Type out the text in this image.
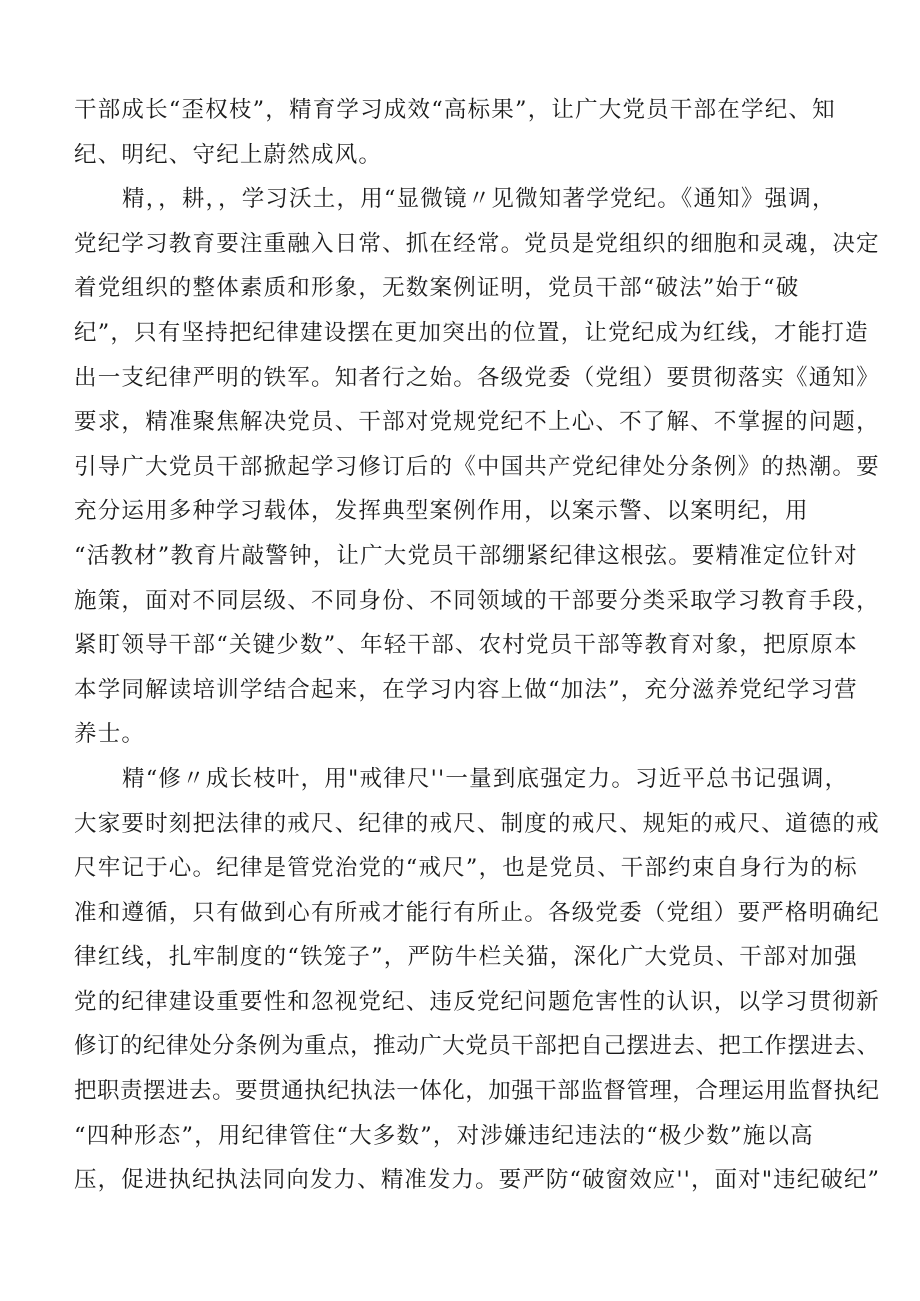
干部成长“歪权枝”，精育学习成效“高标果”，让广大党员干部在学纪、知
纪、明纪、守纪上蔚然成风。
精，，耕，，学习沃土，用“显微镜〃见微知著学党纪。《通知》强调，
党纪学习教育要注重融入日常、抓在经常。党员是党组织的细胞和灵魂，决定
着党组织的整体素质和形象，无数案例证明，党员干部“破法”始于“破
纪”，只有坚持把纪律建设摆在更加突出的位置，让党纪成为红线，才能打造
出一支纪律严明的铁军。知者行之始。各级党委（党组）要贯彻落实《通知》
要求，精准聚焦解决党员、干部对党规党纪不上心、不了解、不掌握的问题，
引导广大党员干部掀起学习修订后的《中国共产党纪律处分条例》的热潮。要
充分运用多种学习载体，发挥典型案例作用，以案示警、以案明纪，用
“活教材”教育片敲警钟，让广大党员干部绷紧纪律这根弦。要精准定位针对
施策，面对不同层级、不同身份、不同领域的干部要分类采取学习教育手段，
紧盯领导干部“关键少数”、年轻干部、农村党员干部等教育对象，把原原本
本学同解读培训学结合起来，在学习内容上做“加法”，充分滋养党纪学习营
养士。
精“修〃成长枝叶，用"戒律尺''一量到底强定力。习近平总书记强调，
大家要时刻把法律的戒尺、纪律的戒尺、制度的戒尺、规矩的戒尺、道德的戒
尺牢记于心。纪律是管党治党的“戒尺”，也是党员、干部约束自身行为的标
准和遵循，只有做到心有所戒才能行有所止。各级党委（党组）要严格明确纪
律红线，扎牢制度的“铁笼子”，严防牛栏关猫，深化广大党员、干部对加强
党的纪律建设重要性和忽视党纪、违反党纪问题危害性的认识，以学习贯彻新
修订的纪律处分条例为重点，推动广大党员干部把自己摆进去、把工作摆进去、
把职责摆进去。要贯通执纪执法一体化，加强干部监督管理，合理运用监督执纪
“四种形态”，用纪律管住“大多数”，对涉嫌违纪违法的“极少数”施以高
压，促进执纪执法同向发力、精准发力。要严防“破窗效应''，面对"违纪破纪”
